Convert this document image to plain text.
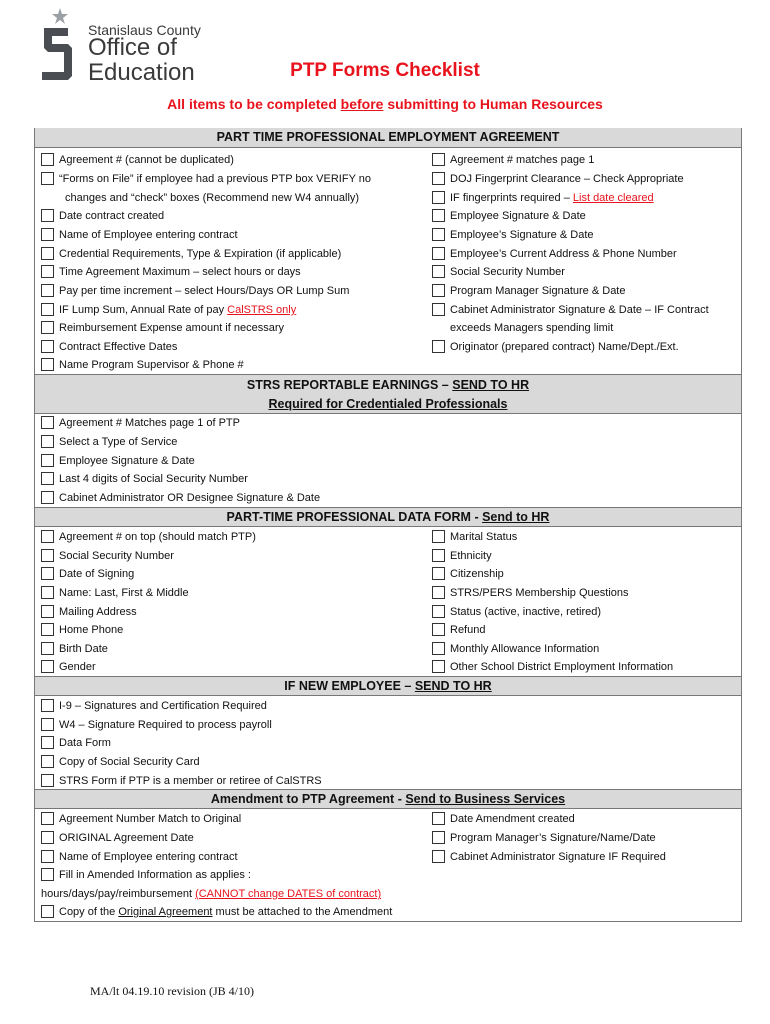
Stanislaus County
Office of
Education	PTP Forms Checklist
All items to be completed before submitting to Human Resources
PART TIME PROFESSIONAL EMPLOYMENT AGREEMENT
Agreement # (cannot be duplicated)
“Forms on File” if employee had a previous PTP box VERIFY no
changes and “check” boxes (Recommend new W4 annually)
Date contract created
Name of Employee entering contract
Credential Requirements, Type & Expiration (if applicable)
Time Agreement Maximum – select hours or days
Pay per time increment – select Hours/Days OR Lump Sum
IF Lump Sum, Annual Rate of pay CalSTRS only
Reimbursement Expense amount if necessary
Contract Effective Dates
Name Program Supervisor & Phone #
Agreement # matches page 1
DOJ Fingerprint Clearance – Check Appropriate
IF fingerprints required – List date cleared
Employee Signature & Date
Employee’s Signature & Date
Employee’s Current Address & Phone Number
Social Security Number
Program Manager Signature & Date
Cabinet Administrator Signature & Date – IF Contract
exceeds Managers spending limit
Originator (prepared contract) Name/Dept./Ext.
STRS REPORTABLE EARNINGS – SEND TO HR
Required for Credentialed Professionals
Agreement # Matches page 1 of PTP
Select a Type of Service
Employee Signature & Date
Last 4 digits of Social Security Number
Cabinet Administrator OR Designee Signature & Date
PART-TIME PROFESSIONAL DATA FORM - Send to HR
Agreement # on top (should match PTP)
Social Security Number
Date of Signing
Name: Last, First & Middle
Mailing Address
Home Phone
Birth Date
Gender
Marital Status
Ethnicity
Citizenship
STRS/PERS Membership Questions
Status (active, inactive, retired)
Refund
Monthly Allowance Information
Other School District Employment Information
IF NEW EMPLOYEE – SEND TO HR
I-9 – Signatures and Certification Required
W4 – Signature Required to process payroll
Data Form
Copy of Social Security Card
STRS Form if PTP is a member or retiree of CalSTRS
Amendment to PTP Agreement - Send to Business Services
Agreement Number Match to Original
ORIGINAL Agreement Date
Name of Employee entering contract
Fill in Amended Information as applies :
hours/days/pay/reimbursement (CANNOT change DATES of contract)
Copy of the Original Agreement must be attached to the Amendment
Date Amendment created
Program Manager’s Signature/Name/Date
Cabinet Administrator Signature IF Required
MA/lt 04.19.10 revision (JB 4/10)
